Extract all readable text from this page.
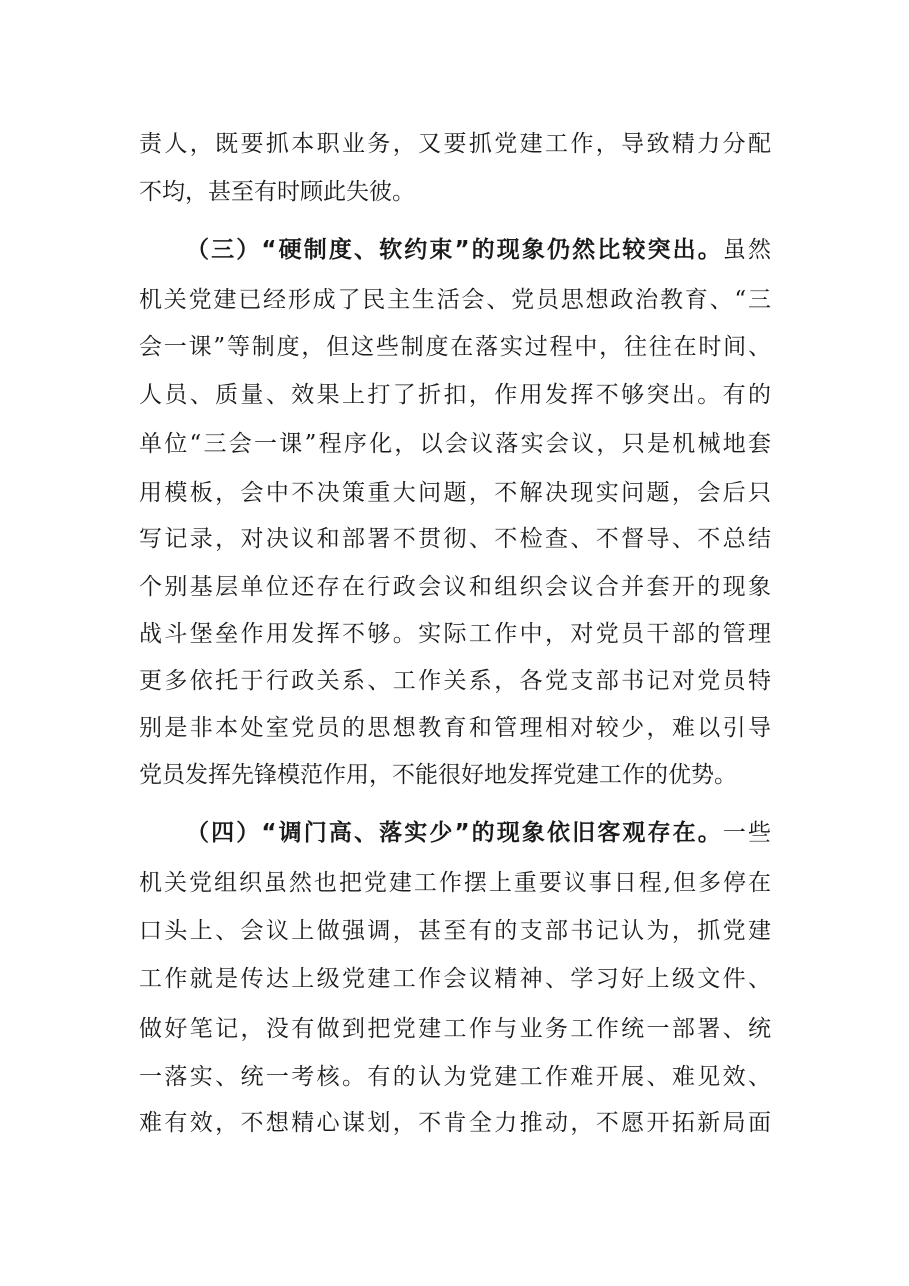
责人，既要抓本职业务，又要抓党建工作，导致精力分配
不均，甚至有时顾此失彼。
（三）“硬制度、软约束”的现象仍然比较突出。虽然
机关党建已经形成了民主生活会、党员思想政治教育、“三
会一课”等制度，但这些制度在落实过程中，往往在时间、
人员、质量、效果上打了折扣，作用发挥不够突出。有的
单位“三会一课”程序化，以会议落实会议，只是机械地套
用模板，会中不决策重大问题，不解决现实问题，会后只
写记录，对决议和部署不贯彻、不检查、不督导、不总结
个别基层单位还存在行政会议和组织会议合并套开的现象
战斗堡垒作用发挥不够。实际工作中，对党员干部的管理
更多依托于行政关系、工作关系，各党支部书记对党员特
别是非本处室党员的思想教育和管理相对较少，难以引导
党员发挥先锋模范作用，不能很好地发挥党建工作的优势。
（四）“调门高、落实少”的现象依旧客观存在。一些
机关党组织虽然也把党建工作摆上重要议事日程,但多停在
口头上、会议上做强调，甚至有的支部书记认为，抓党建
工作就是传达上级党建工作会议精神、学习好上级文件、
做好笔记，没有做到把党建工作与业务工作统一部署、统
一落实、统一考核。有的认为党建工作难开展、难见效、
难有效，不想精心谋划，不肯全力推动，不愿开拓新局面
